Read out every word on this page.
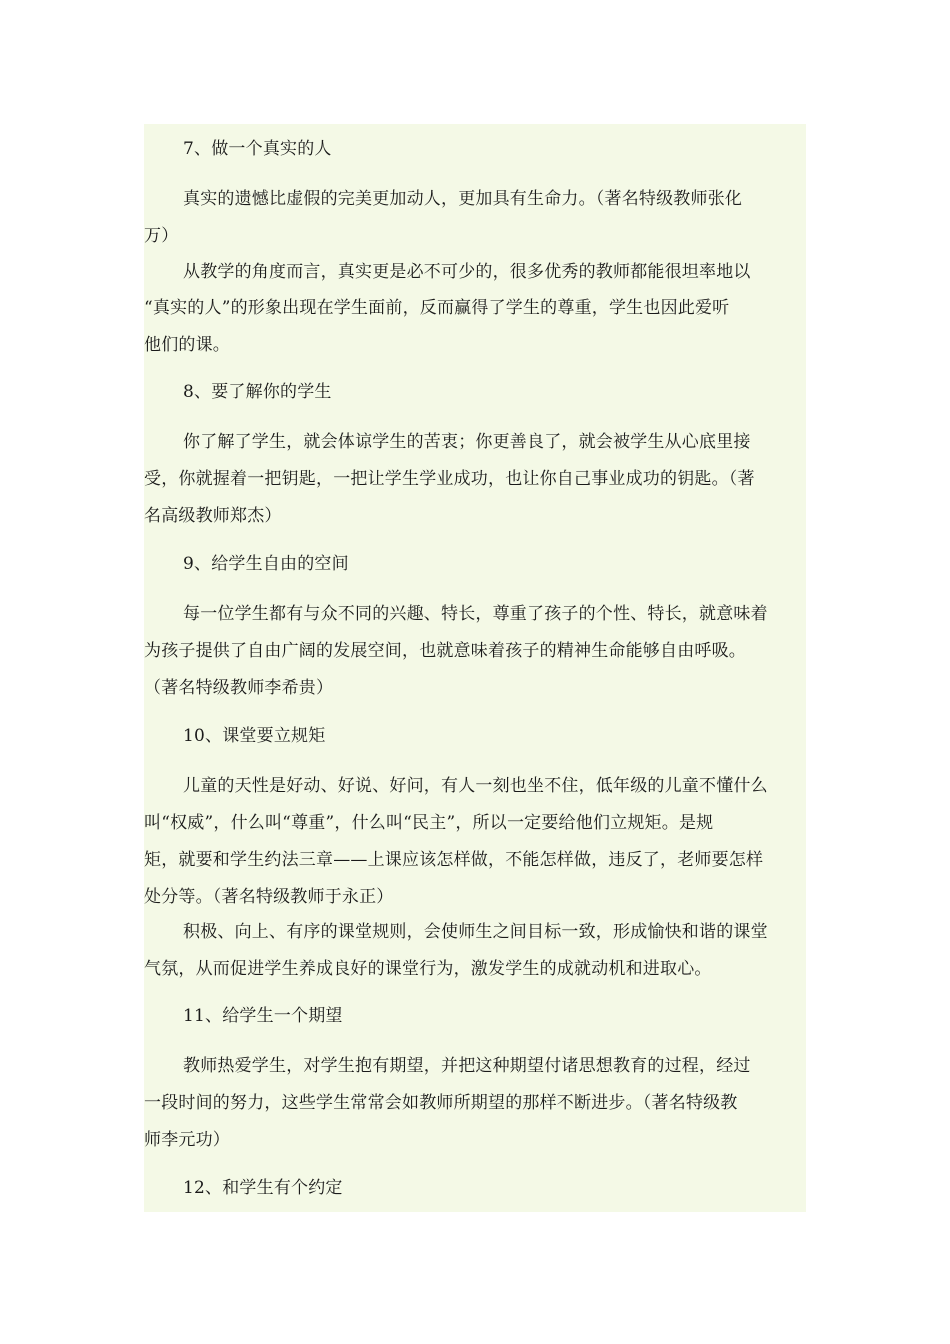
7、做一个真实的人
真实的遗憾比虚假的完美更加动人，更加具有生命力。（著名特级教师张化
万）
从教学的角度而言，真实更是必不可少的，很多优秀的教师都能很坦率地以
“真实的人”的形象出现在学生面前，反而赢得了学生的尊重，学生也因此爱听
他们的课。
8、要了解你的学生
你了解了学生，就会体谅学生的苦衷；你更善良了，就会被学生从心底里接
受，你就握着一把钥匙，一把让学生学业成功，也让你自己事业成功的钥匙。（著
名高级教师郑杰）
9、给学生自由的空间
每一位学生都有与众不同的兴趣、特长，尊重了孩子的个性、特长，就意味着
为孩子提供了自由广阔的发展空间，也就意味着孩子的精神生命能够自由呼吸。
（著名特级教师李希贵）
10、课堂要立规矩
儿童的天性是好动、好说、好问，有人一刻也坐不住，低年级的儿童不懂什么
叫“权威”，什么叫“尊重”，什么叫“民主”，所以一定要给他们立规矩。是规
矩，就要和学生约法三章——上课应该怎样做，不能怎样做，违反了，老师要怎样
处分等。（著名特级教师于永正）
积极、向上、有序的课堂规则，会使师生之间目标一致，形成愉快和谐的课堂
气氛，从而促进学生养成良好的课堂行为，激发学生的成就动机和进取心。
11、给学生一个期望
教师热爱学生，对学生抱有期望，并把这种期望付诸思想教育的过程，经过
一段时间的努力，这些学生常常会如教师所期望的那样不断进步。（著名特级教
师李元功）
12、和学生有个约定
